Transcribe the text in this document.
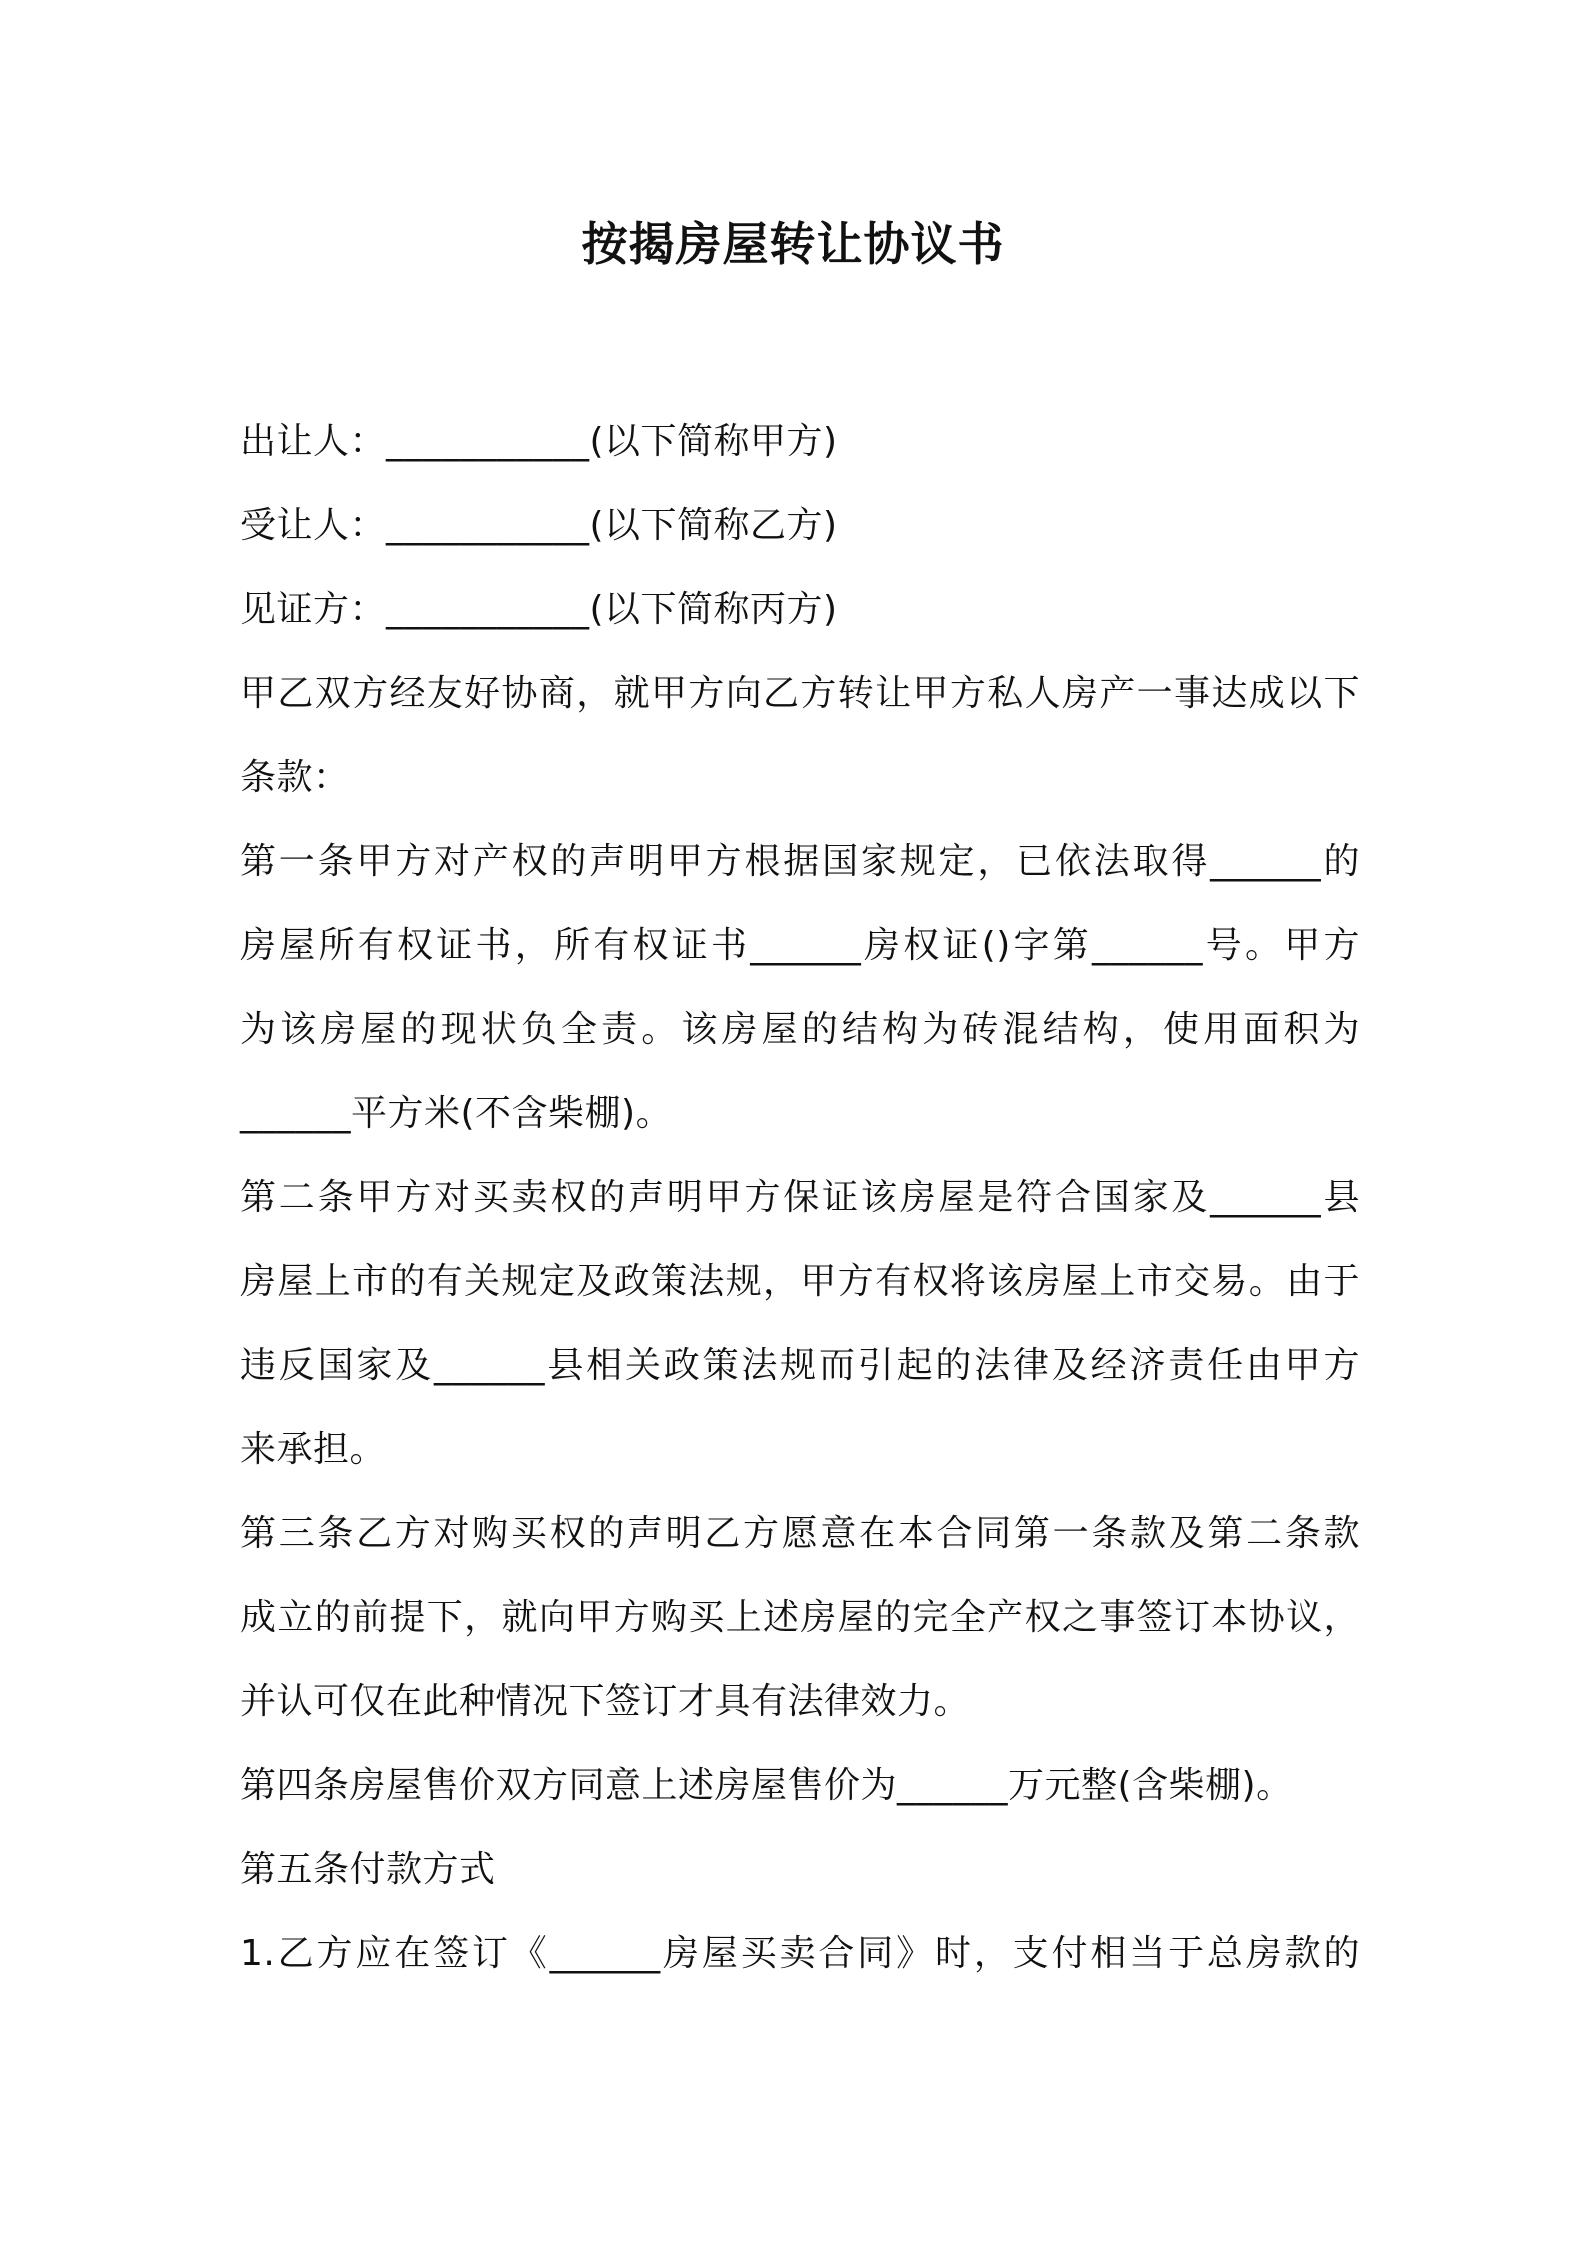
按揭房屋转让协议书
出让人：___________(以下简称甲方)
受让人：___________(以下简称乙方)
见证方：___________(以下简称丙方)
甲乙双方经友好协商，就甲方向乙方转让甲方私人房产一事达成以下
条款：
第一条甲方对产权的声明甲方根据国家规定，已依法取得______的
房屋所有权证书，所有权证书______房权证()字第______号。甲方
为该房屋的现状负全责。该房屋的结构为砖混结构，使用面积为
______平方米(不含柴棚)。
第二条甲方对买卖权的声明甲方保证该房屋是符合国家及______县
房屋上市的有关规定及政策法规，甲方有权将该房屋上市交易。由于
违反国家及______县相关政策法规而引起的法律及经济责任由甲方
来承担。
第三条乙方对购买权的声明乙方愿意在本合同第一条款及第二条款
成立的前提下，就向甲方购买上述房屋的完全产权之事签订本协议，
并认可仅在此种情况下签订才具有法律效力。
第四条房屋售价双方同意上述房屋售价为______万元整(含柴棚)。
第五条付款方式
1.乙方应在签订《______房屋买卖合同》时，支付相当于总房款的
